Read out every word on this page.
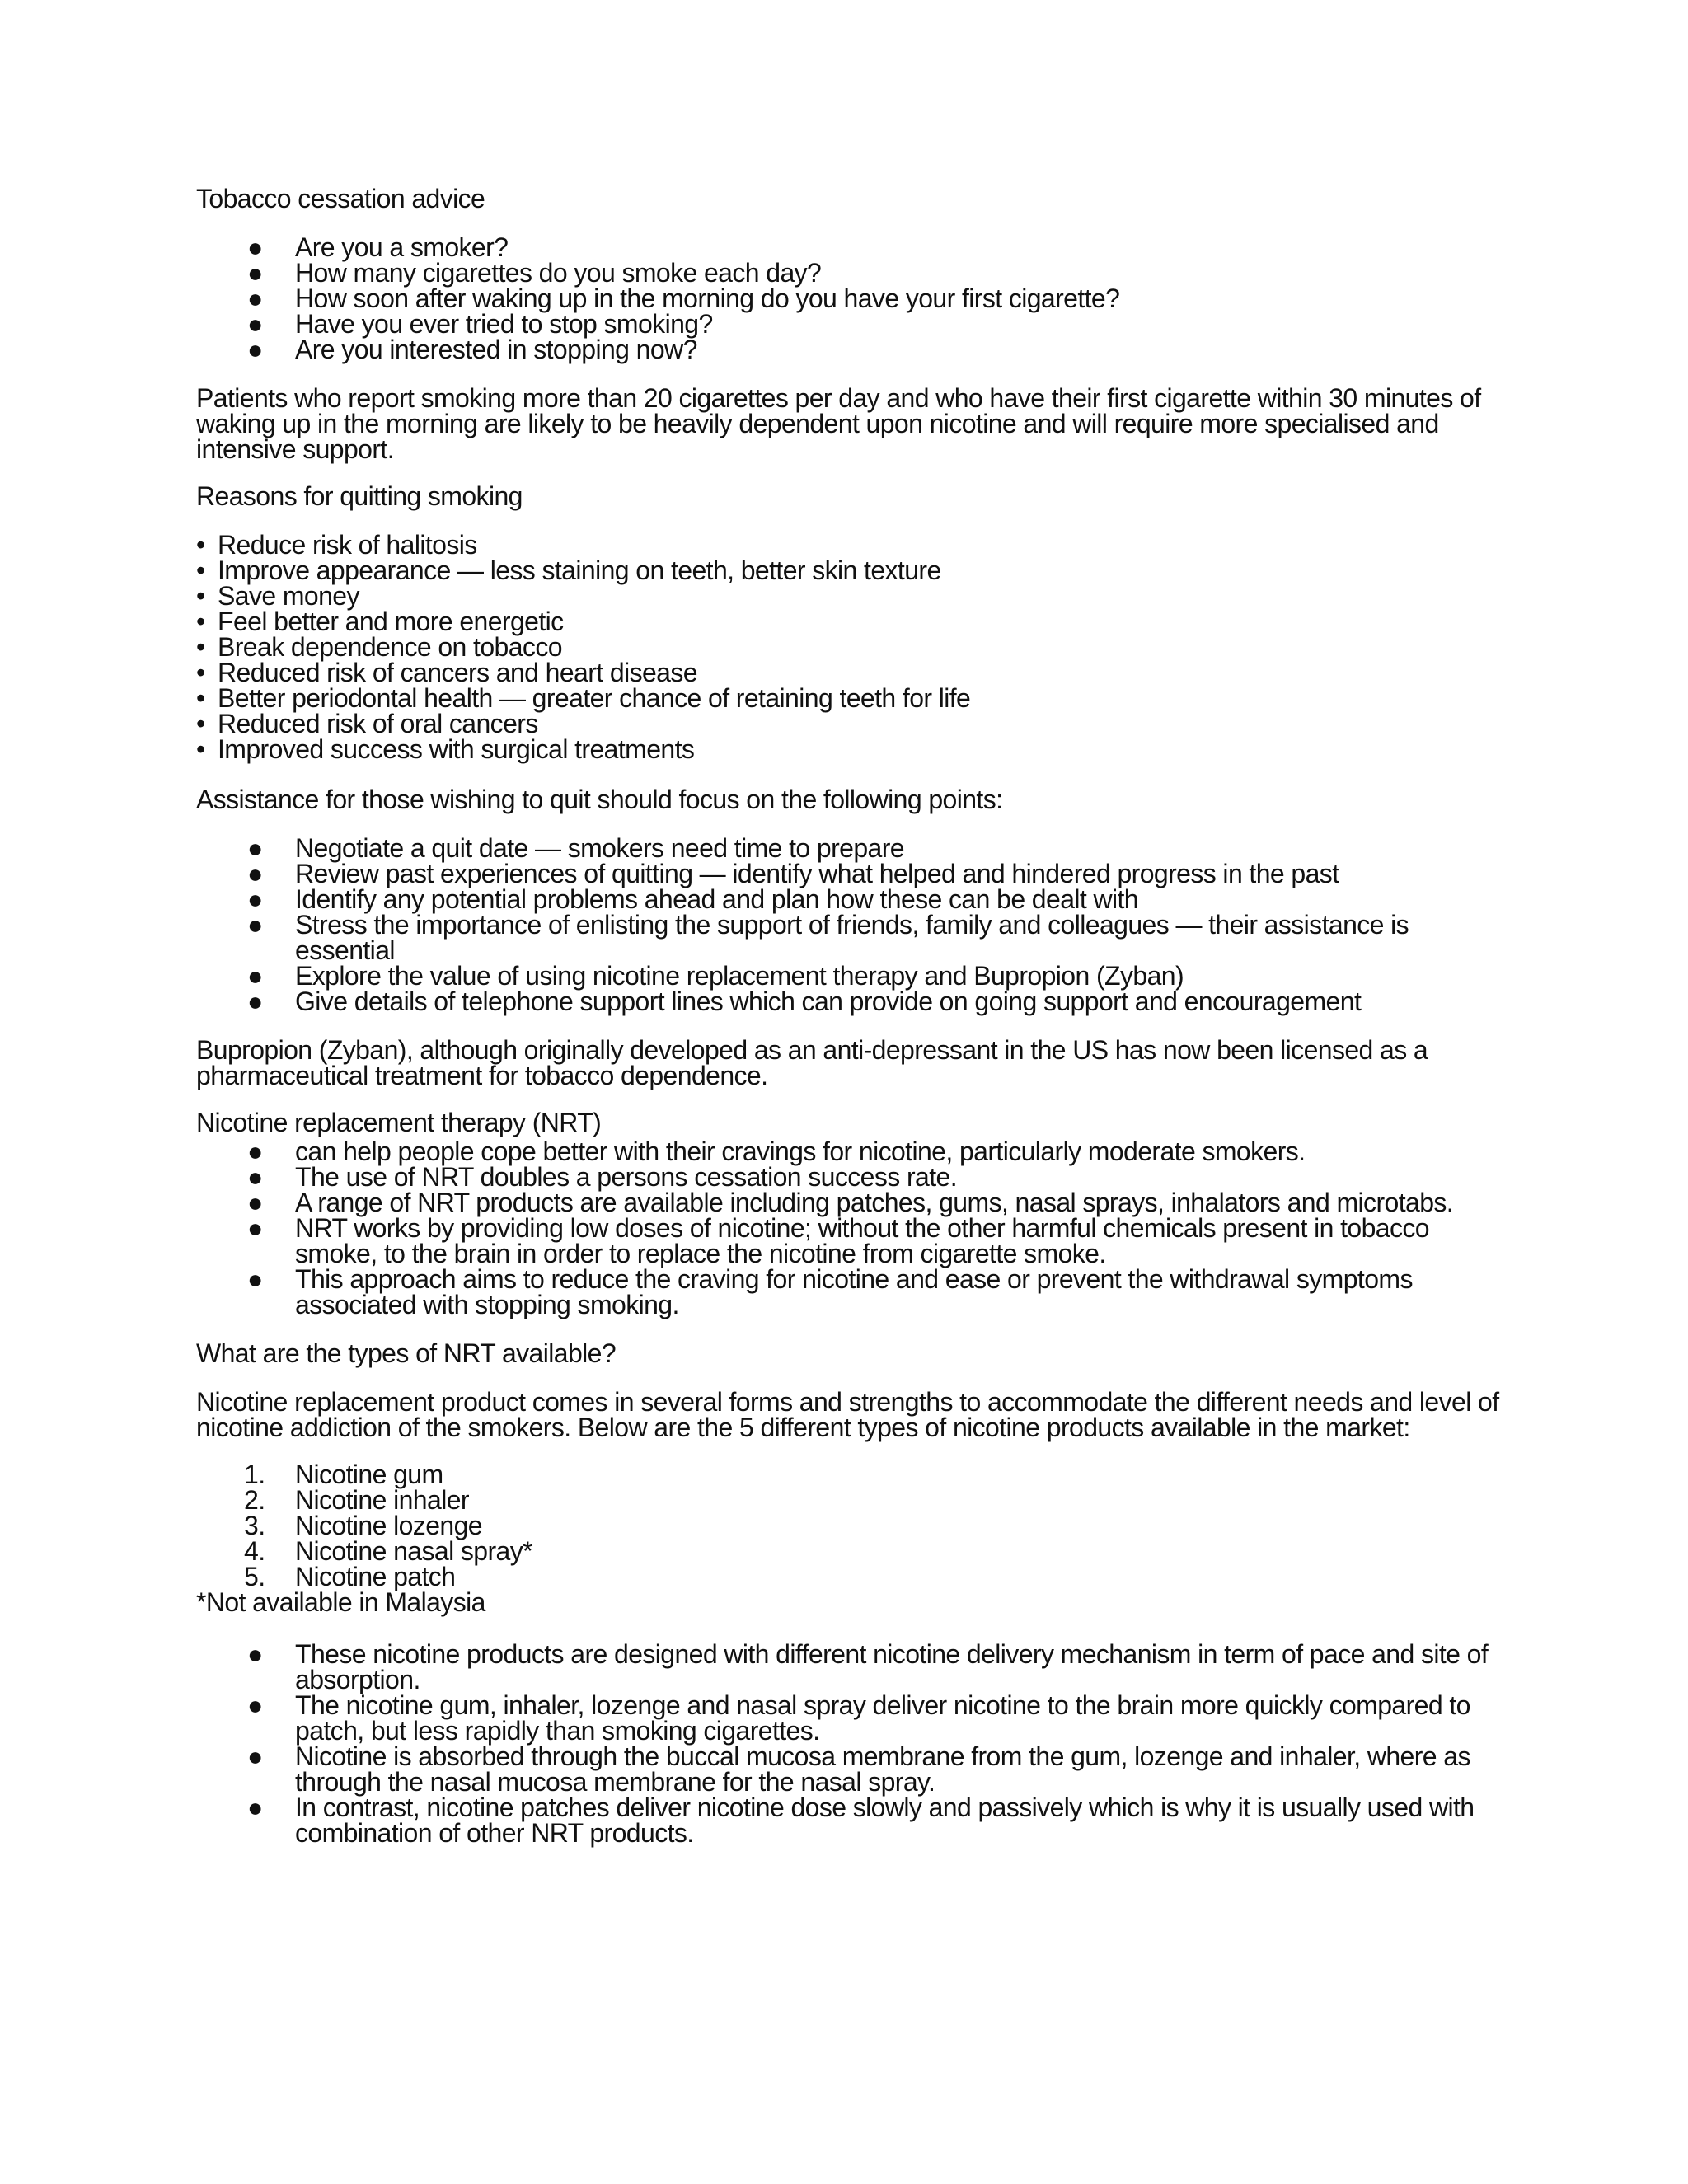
Tobacco cessation advice
●	Are you a smoker?
●	How many cigarettes do you smoke each day?
●	How soon after waking up in the morning do you have your first cigarette?
●	Have you ever tried to stop smoking?
●	Are you interested in stopping now?

Patients who report smoking more than 20 cigarettes per day and who have their first cigarette within 30 minutes of waking up in the morning are likely to be heavily dependent upon nicotine and will require more specialised and intensive support.

Reasons for quitting smoking
• Reduce risk of halitosis
• Improve appearance — less staining on teeth, better skin texture
• Save money
• Feel better and more energetic
• Break dependence on tobacco
• Reduced risk of cancers and heart disease
• Better periodontal health — greater chance of retaining teeth for life
• Reduced risk of oral cancers
• Improved success with surgical treatments
Assistance for those wishing to quit should focus on the following points:
●	Negotiate a quit date — smokers need time to prepare
●	Review past experiences of quitting — identify what helped and hindered progress in the past
●	Identify any potential problems ahead and plan how these can be dealt with
●	Stress the importance of enlisting the support of friends, family and colleagues — their assistance is essential
●	Explore the value of using nicotine replacement therapy and Bupropion (Zyban)
●	Give details of telephone support lines which can provide on going support and encouragement

Bupropion (Zyban), although originally developed as an anti-depressant in the US has now been licensed as a pharmaceutical treatment for tobacco dependence.

Nicotine replacement therapy (NRT)
●	can help people cope better with their cravings for nicotine, particularly moderate smokers.
●	The use of NRT doubles a persons cessation success rate.
●	A range of NRT products are available including patches, gums, nasal sprays, inhalators and microtabs.
●	NRT works by providing low doses of nicotine; without the other harmful chemicals present in tobacco smoke, to the brain in order to replace the nicotine from cigarette smoke.
●	This approach aims to reduce the craving for nicotine and ease or prevent the withdrawal symptoms associated with stopping smoking.
What are the types of NRT available?

Nicotine replacement product comes in several forms and strengths to accommodate the different needs and level of nicotine addiction of the smokers. Below are the 5 different types of nicotine products available in the market:

1.	Nicotine gum
2.	Nicotine inhaler
3.	Nicotine lozenge
4.	Nicotine nasal spray*
5.	Nicotine patch
*Not available in Malaysia
●	These nicotine products are designed with different nicotine delivery mechanism in term of pace and site of absorption.
●	The nicotine gum, inhaler, lozenge and nasal spray deliver nicotine to the brain more quickly compared to patch, but less rapidly than smoking cigarettes.
●	Nicotine is absorbed through the buccal mucosa membrane from the gum, lozenge and inhaler, where as through the nasal mucosa membrane for the nasal spray.
●	In contrast, nicotine patches deliver nicotine dose slowly and passively which is why it is usually used with combination of other NRT products.
